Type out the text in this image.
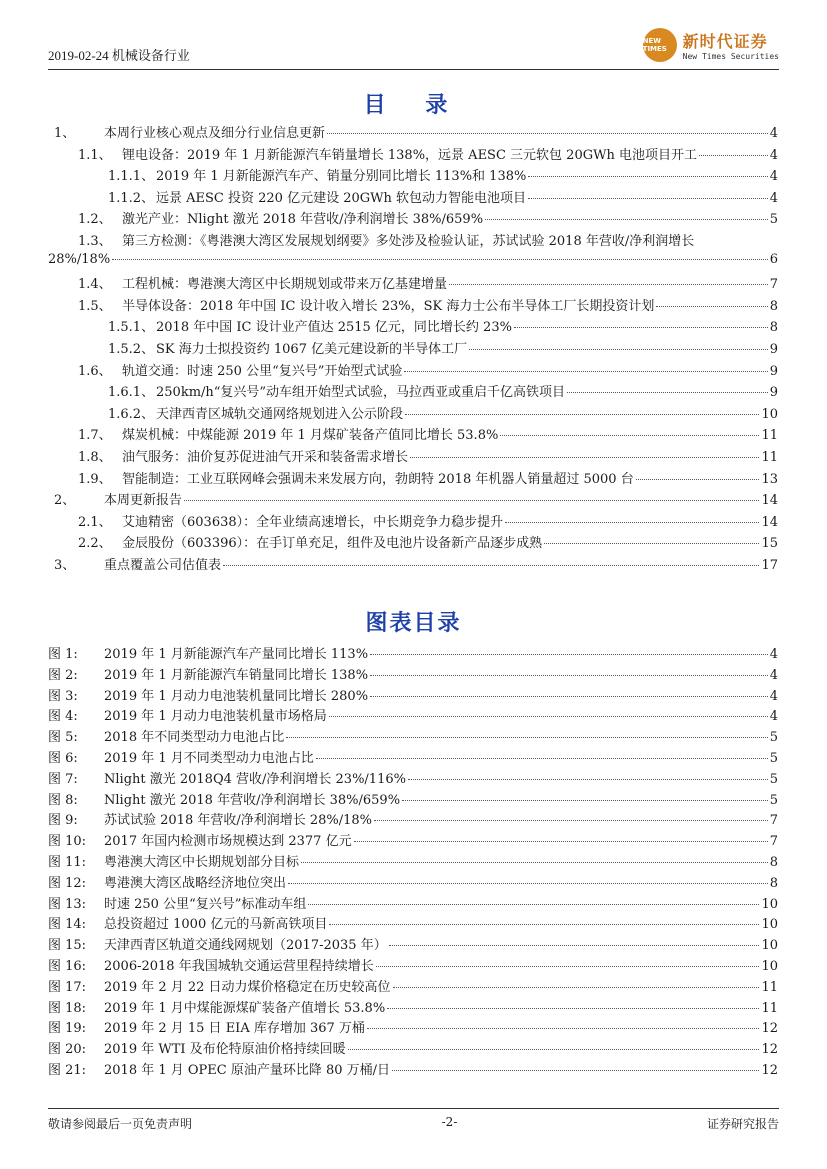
2019-02-24 机械设备行业
NEW TIMES 新时代证券
New Times Securities
目 录
1、	本周行业核心观点及细分行业信息更新	4
1.1、 锂电设备：2019 年 1 月新能源汽车销量增长 138%，远景 AESC 三元软包 20GWh 电池项目开工	4
1.1.1、 2019 年 1 月新能源汽车产、销量分别同比增长 113%和 138%	4
1.1.2、 远景 AESC 投资 220 亿元建设 20GWh 软包动力智能电池项目	4
1.2、 激光产业：Nlight 激光 2018 年营收/净利润增长 38%/659%	5
1.3、 第三方检测：《粤港澳大湾区发展规划纲要》多处涉及检验认证，苏试试验 2018 年营收/净利润增长
28%/18%	6
1.4、 工程机械：粤港澳大湾区中长期规划或带来万亿基建增量	7
1.5、 半导体设备：2018 年中国 IC 设计收入增长 23%，SK 海力士公布半导体工厂长期投资计划	8
1.5.1、 2018 年中国 IC 设计业产值达 2515 亿元，同比增长约 23%	8
1.5.2、 SK 海力士拟投资约 1067 亿美元建设新的半导体工厂	9
1.6、 轨道交通：时速 250 公里“复兴号”开始型式试验	9
1.6.1、 250km/h“复兴号”动车组开始型式试验，马拉西亚或重启千亿高铁项目	9
1.6.2、 天津西青区城轨交通网络规划进入公示阶段	10
1.7、 煤炭机械：中煤能源 2019 年 1 月煤矿装备产值同比增长 53.8%	11
1.8、 油气服务：油价复苏促进油气开采和装备需求增长	11
1.9、 智能制造：工业互联网峰会强调未来发展方向，勃朗特 2018 年机器人销量超过 5000 台	13
2、	本周更新报告	14
2.1、 艾迪精密（603638）：全年业绩高速增长，中长期竞争力稳步提升	14
2.2、 金辰股份（603396）：在手订单充足，组件及电池片设备新产品逐步成熟	15
3、	重点覆盖公司估值表	17
图表目录
图 1:	2019 年 1 月新能源汽车产量同比增长 113%	4
图 2:	2019 年 1 月新能源汽车销量同比增长 138%	4
图 3:	2019 年 1 月动力电池装机量同比增长 280%	4
图 4:	2019 年 1 月动力电池装机量市场格局	4
图 5:	2018 年不同类型动力电池占比	5
图 6:	2019 年 1 月不同类型动力电池占比	5
图 7:	Nlight 激光 2018Q4 营收/净利润增长 23%/116%	5
图 8:	Nlight 激光 2018 年营收/净利润增长 38%/659%	5
图 9:	苏试试验 2018 年营收/净利润增长 28%/18%	7
图 10:	2017 年国内检测市场规模达到 2377 亿元	7
图 11:	粤港澳大湾区中长期规划部分目标	8
图 12:	粤港澳大湾区战略经济地位突出	8
图 13:	时速 250 公里“复兴号”标准动车组	10
图 14:	总投资超过 1000 亿元的马新高铁项目	10
图 15:	天津西青区轨道交通线网规划（2017-2035 年）	10
图 16:	2006-2018 年我国城轨交通运营里程持续增长	10
图 17:	2019 年 2 月 22 日动力煤价格稳定在历史较高位	11
图 18:	2019 年 1 月中煤能源煤矿装备产值增长 53.8%	11
图 19:	2019 年 2 月 15 日 EIA 库存增加 367 万桶	12
图 20:	2019 年 WTI 及布伦特原油价格持续回暖	12
图 21:	2018 年 1 月 OPEC 原油产量环比降 80 万桶/日	12
敬请参阅最后一页免责声明	-2-	证券研究报告
